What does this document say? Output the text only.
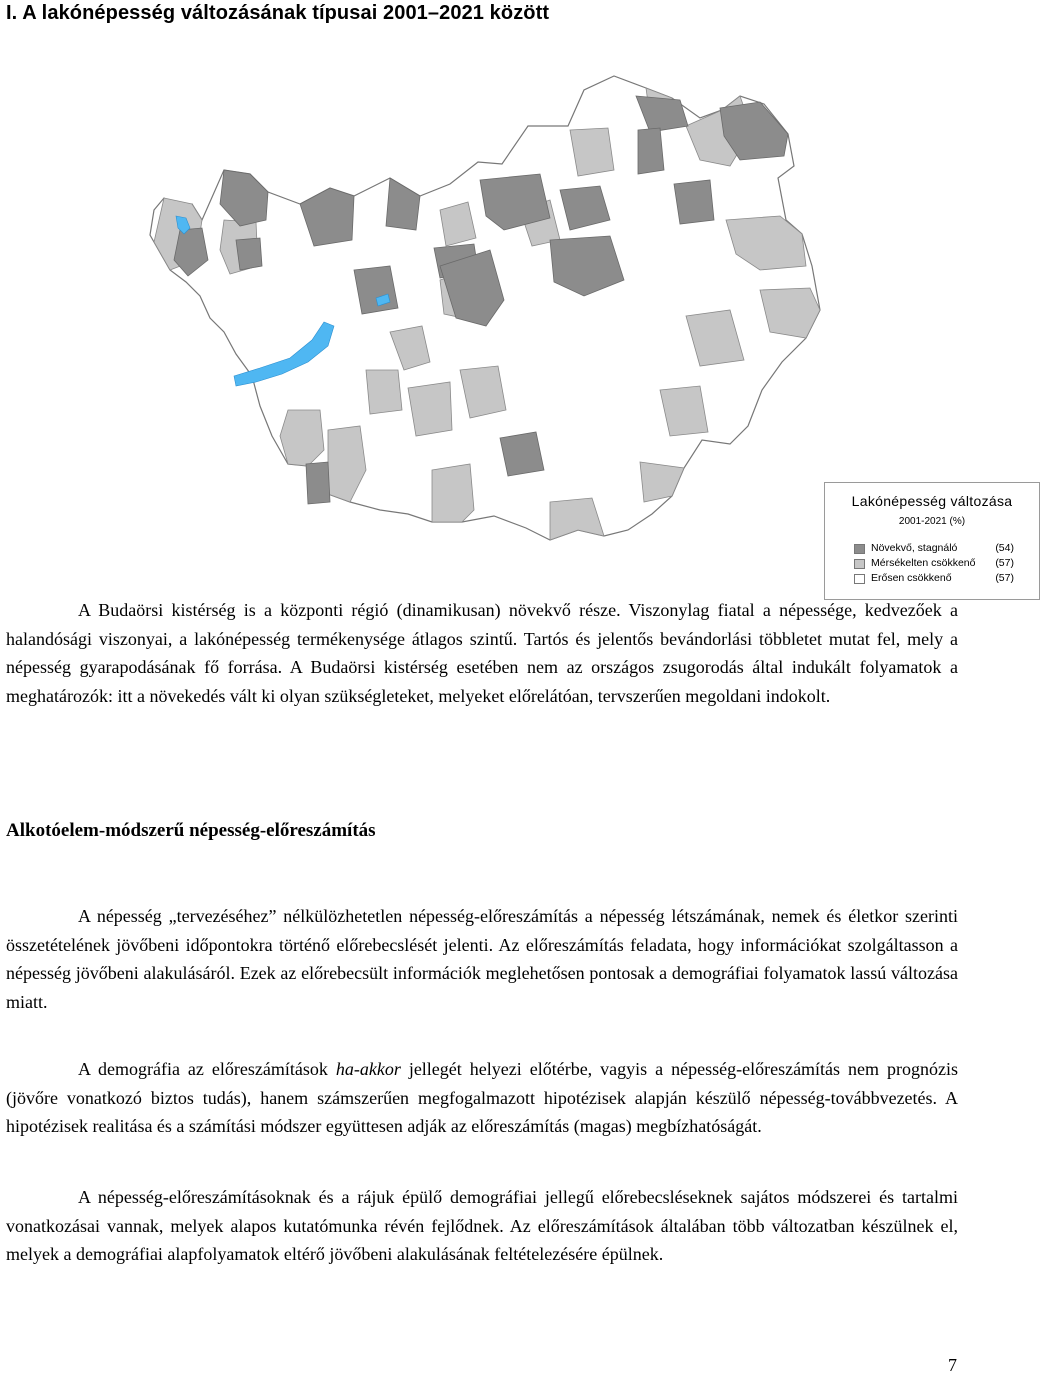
I. A lakónépesség változásának típusai 2001–2021 között
Lakónépesség változása
2001-2021 (%)
Növekvő, stagnáló	(54)
Mérsékelten csökkenő (57)
Erősen csökkenő	(57)

A Budaörsi kistérség is a központi régió (dinamikusan) növekvő része. Viszonylag fiatal a népessége, kedvezőek a halandósági viszonyai, a lakónépesség termékenysége átlagos szintű. Tartós és jelentős bevándorlási többletet mutat fel, mely a népesség gyarapodásának fő forrása. A Budaörsi kistérség esetében nem az országos zsugorodás által indukált folyamatok a meghatározók: itt a növekedés vált ki olyan szükségleteket, melyeket előrelátóan, tervszerűen megoldani indokolt.

Alkotóelem-módszerű népesség-előreszámítás

A népesség „tervezéséhez” nélkülözhetetlen népesség-előreszámítás a népesség létszámának, nemek és életkor szerinti összetételének jövőbeni időpontokra történő előrebecslését jelenti. Az előreszámítás feladata, hogy információkat szolgáltasson a népesség jövőbeni alakulásáról. Ezek az előrebecsült információk meglehetősen pontosak a demográfiai folyamatok lassú változása miatt.

A demográfia az előreszámítások ha-akkor jellegét helyezi előtérbe, vagyis a népesség-előreszámítás nem prognózis (jövőre vonatkozó biztos tudás), hanem számszerűen megfogalmazott hipotézisek alapján készülő népesség-továbbvezetés. A hipotézisek realitása és a számítási módszer együttesen adják az előreszámítás (magas) megbízhatóságát.

A népesség-előreszámításoknak és a rájuk épülő demográfiai jellegű előrebecsléseknek sajátos módszerei és tartalmi vonatkozásai vannak, melyek alapos kutatómunka révén fejlődnek. Az előreszámítások általában több változatban készülnek el, melyek a demográfiai alapfolyamatok eltérő jövőbeni alakulásának feltételezésére épülnek.

7
